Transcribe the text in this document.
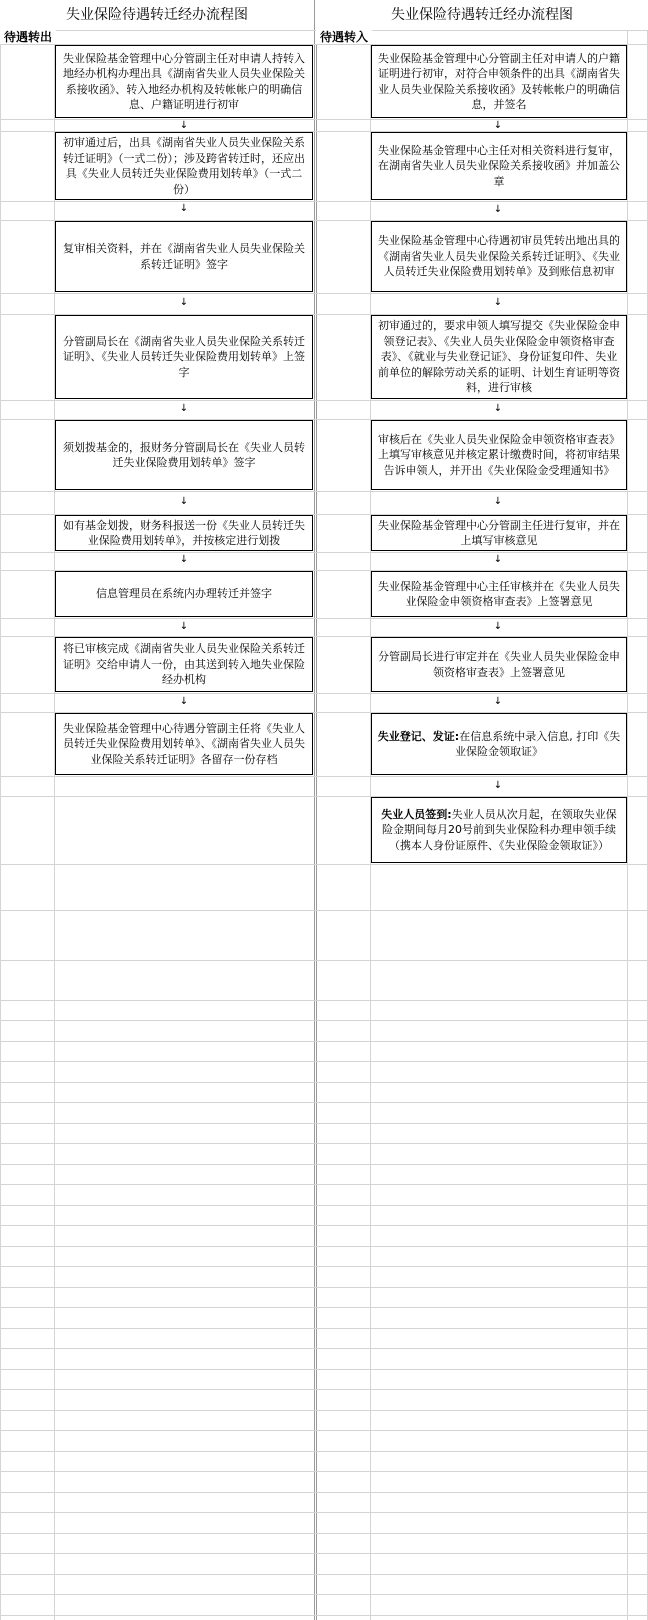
失业保险待遇转迁经办流程图	失业保险待遇转迁经办流程图
待遇转出	待遇转入
失业保险基金管理中心分管副主任对申请人持转入地经办机构办理出具《湖南省失业人员失业保险关系接收函》、转入地经办机构及转帐帐户的明确信息、户籍证明进行初审
↓
初审通过后，出具《湖南省失业人员失业保险关系转迁证明》（一式二份）；涉及跨省转迁时，还应出具《失业人员转迁失业保险费用划转单》（一式二份）
↓
复审相关资料，并在《湖南省失业人员失业保险关系转迁证明》签字
↓
分管副局长在《湖南省失业人员失业保险关系转迁证明》、《失业人员转迁失业保险费用划转单》上签字
↓
须划拨基金的，报财务分管副局长在《失业人员转迁失业保险费用划转单》签字
↓
如有基金划拨，财务科报送一份《失业人员转迁失业保险费用划转单》，并按核定进行划拨
↓
信息管理员在系统内办理转迁并签字
↓
将已审核完成《湖南省失业人员失业保险关系转迁证明》交给申请人一份，由其送到转入地失业保险经办机构
↓
失业保险基金管理中心待遇分管副主任将《失业人员转迁失业保险费用划转单》、《湖南省失业人员失业保险关系转迁证明》各留存一份存档
失业保险基金管理中心分管副主任对申请人的户籍证明进行初审，对符合申领条件的出具《湖南省失业人员失业保险关系接收函》及转帐帐户的明确信息，并签名
↓
失业保险基金管理中心主任对相关资料进行复审，在湖南省失业人员失业保险关系接收函》并加盖公章
↓
失业保险基金管理中心待遇初审员凭转出地出具的《湖南省失业人员失业保险关系转迁证明》、《失业人员转迁失业保险费用划转单》及到账信息初审
↓
初审通过的，要求申领人填写提交《失业保险金申领登记表》、《失业人员失业保险金申领资格审查表》、《就业与失业登记证》、身份证复印件、失业前单位的解除劳动关系的证明、计划生育证明等资料，进行审核
↓
审核后在《失业人员失业保险金申领资格审查表》上填写审核意见并核定累计缴费时间，将初审结果告诉申领人，并开出《失业保险金受理通知书》
↓
失业保险基金管理中心分管副主任进行复审，并在上填写审核意见
↓
失业保险基金管理中心主任审核并在《失业人员失业保险金申领资格审查表》上签署意见
↓
分管副局长进行审定并在《失业人员失业保险金申领资格审查表》上签署意见
↓
失业登记、发证:在信息系统中录入信息, 打印《失业保险金领取证》
↓
失业人员签到:失业人员从次月起，在领取失业保险金期间每月20号前到失业保险科办理申领手续（携本人身份证原件、《失业保险金领取证》）
